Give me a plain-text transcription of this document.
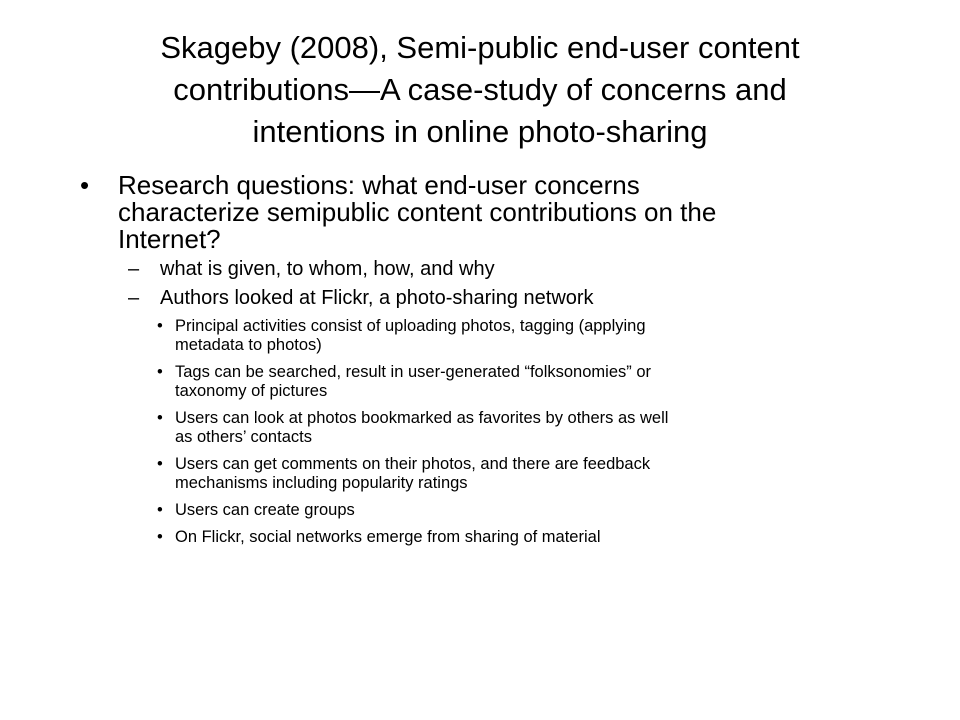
Skageby (2008), Semi-public end-user content
contributions—A case-study of concerns and
intentions in online photo-sharing
• Research questions: what end-user concerns
characterize semipublic content contributions on the
Internet?
– what is given, to whom, how, and why
– Authors looked at Flickr, a photo-sharing network
• Principal activities consist of uploading photos, tagging (applying
metadata to photos)
• Tags can be searched, result in user-generated “folksonomies” or
taxonomy of pictures
• Users can look at photos bookmarked as favorites by others as well
as others’ contacts
• Users can get comments on their photos, and there are feedback
mechanisms including popularity ratings
• Users can create groups
• On Flickr, social networks emerge from sharing of material
